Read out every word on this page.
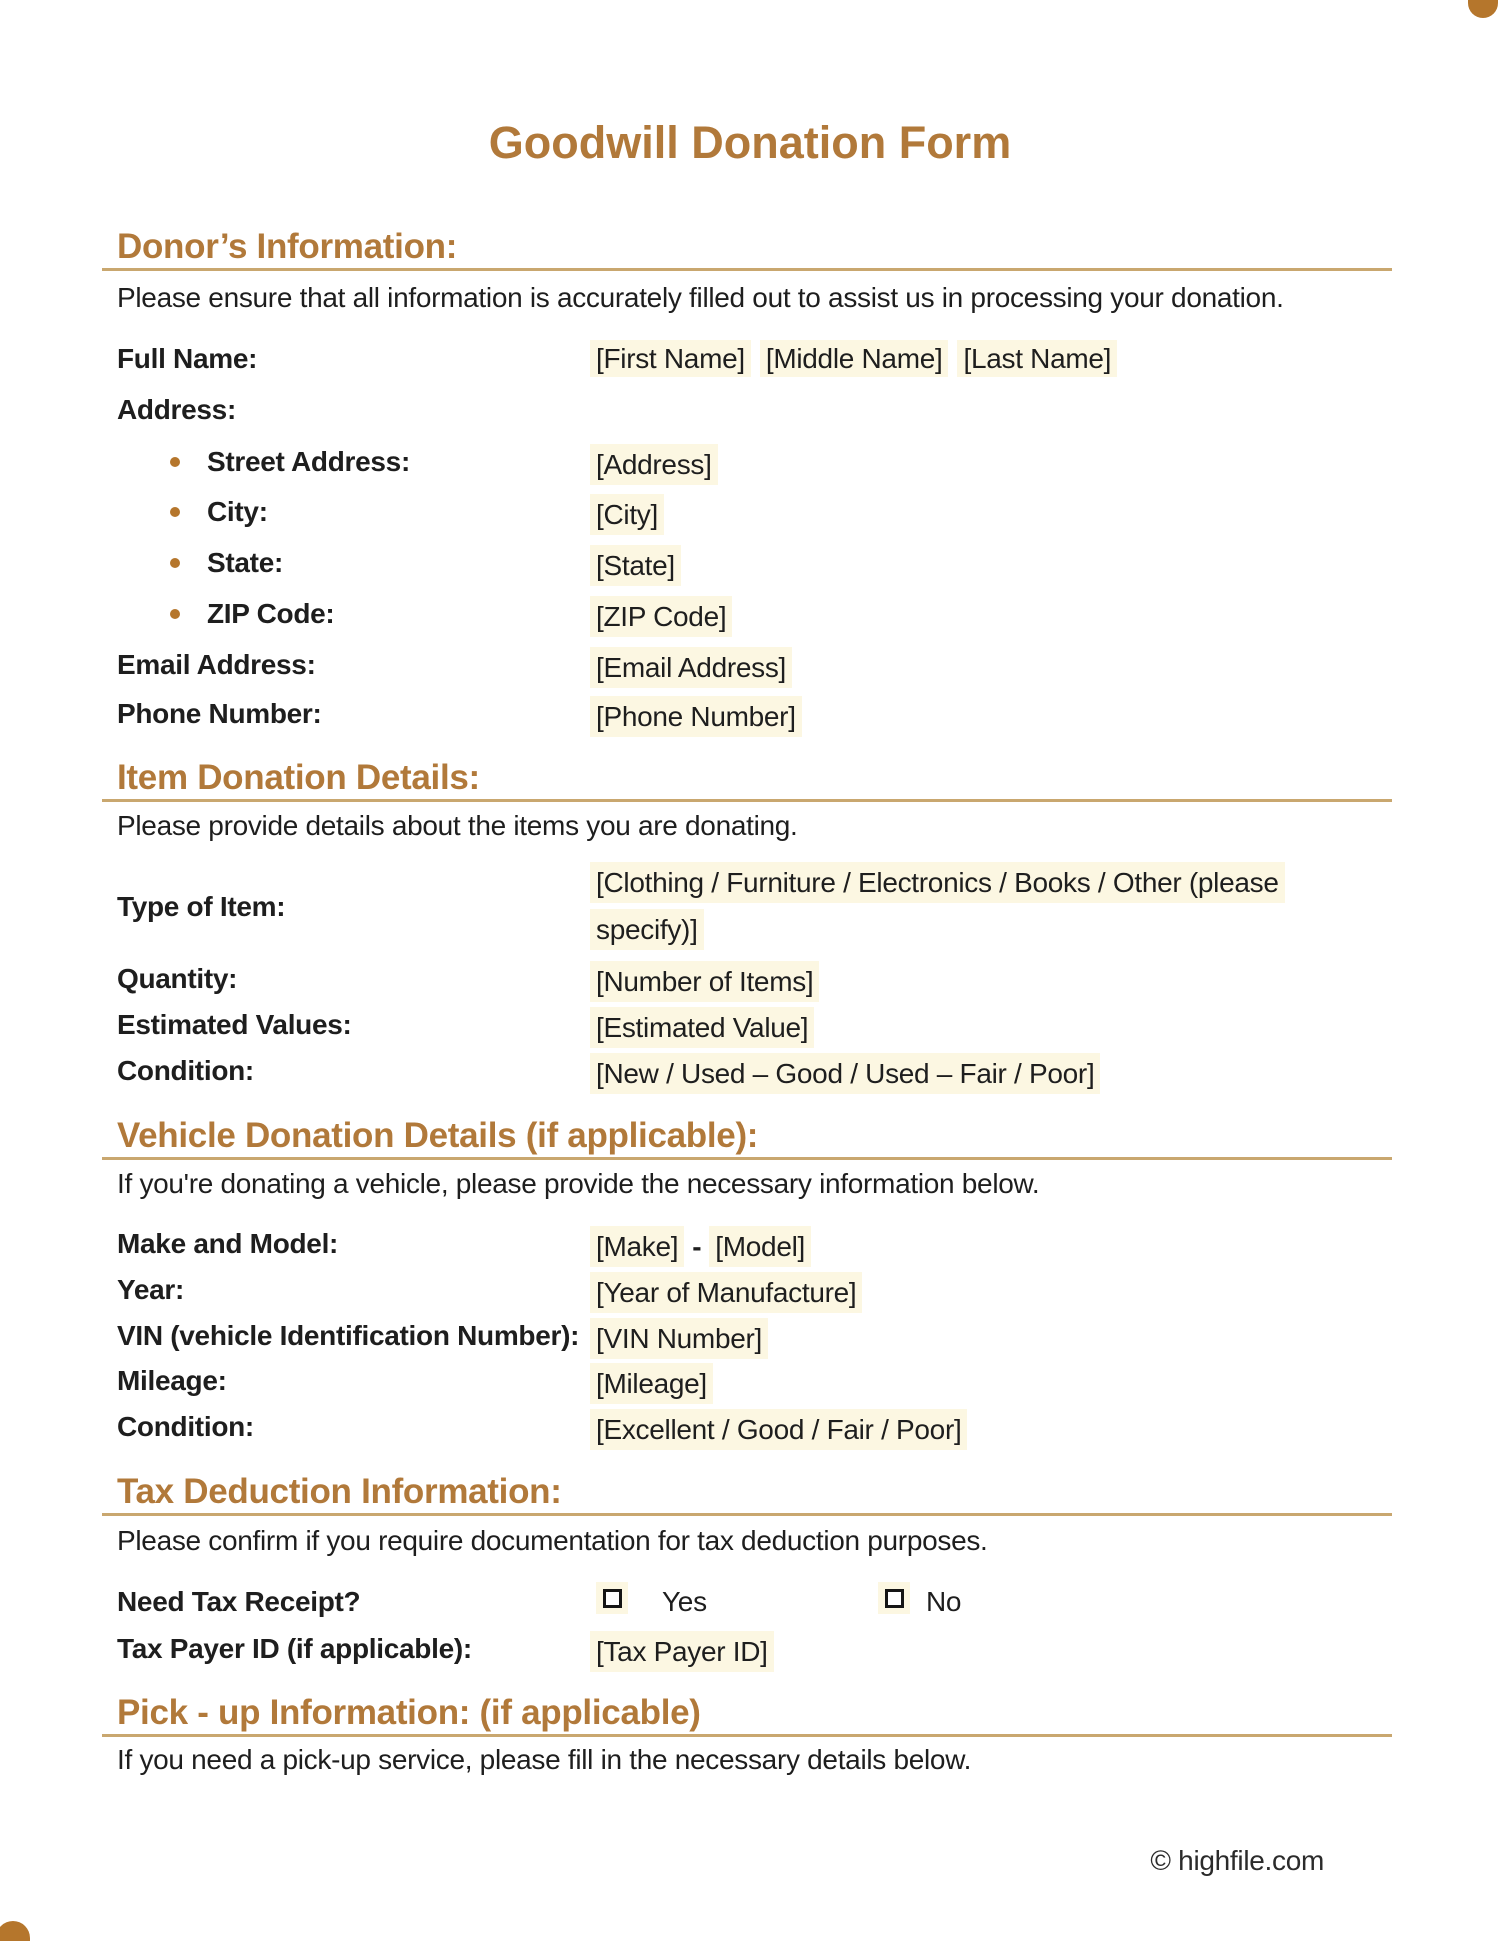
Goodwill Donation Form
Donor’s Information:
Please ensure that all information is accurately filled out to assist us in processing your donation.
Full Name:	[First Name] [Middle Name] [Last Name]
Address:
Street Address:	[Address]
City:	[City]
State:	[State]
ZIP Code:	[ZIP Code]
Email Address:	[Email Address]
Phone Number:	[Phone Number]
Item Donation Details:
Please provide details about the items you are donating.
Type of Item:
[Clothing / Furniture / Electronics / Books / Other (please
specify)]
Quantity:	[Number of Items]
Estimated Values:	[Estimated Value]
Condition:	[New / Used – Good / Used – Fair / Poor]
Vehicle Donation Details (if applicable):
If you're donating a vehicle, please provide the necessary information below.
Make and Model:	[Make] - [Model]
Year:	[Year of Manufacture]
VIN (vehicle Identification Number): [VIN Number]
Mileage:	[Mileage]
Condition:	[Excellent / Good / Fair / Poor]
Tax Deduction Information:
Please confirm if you require documentation for tax deduction purposes.
Need Tax Receipt?	Yes	No
Tax Payer ID (if applicable):	[Tax Payer ID]
Pick - up Information: (if applicable)
If you need a pick-up service, please fill in the necessary details below.
© highfile.com
